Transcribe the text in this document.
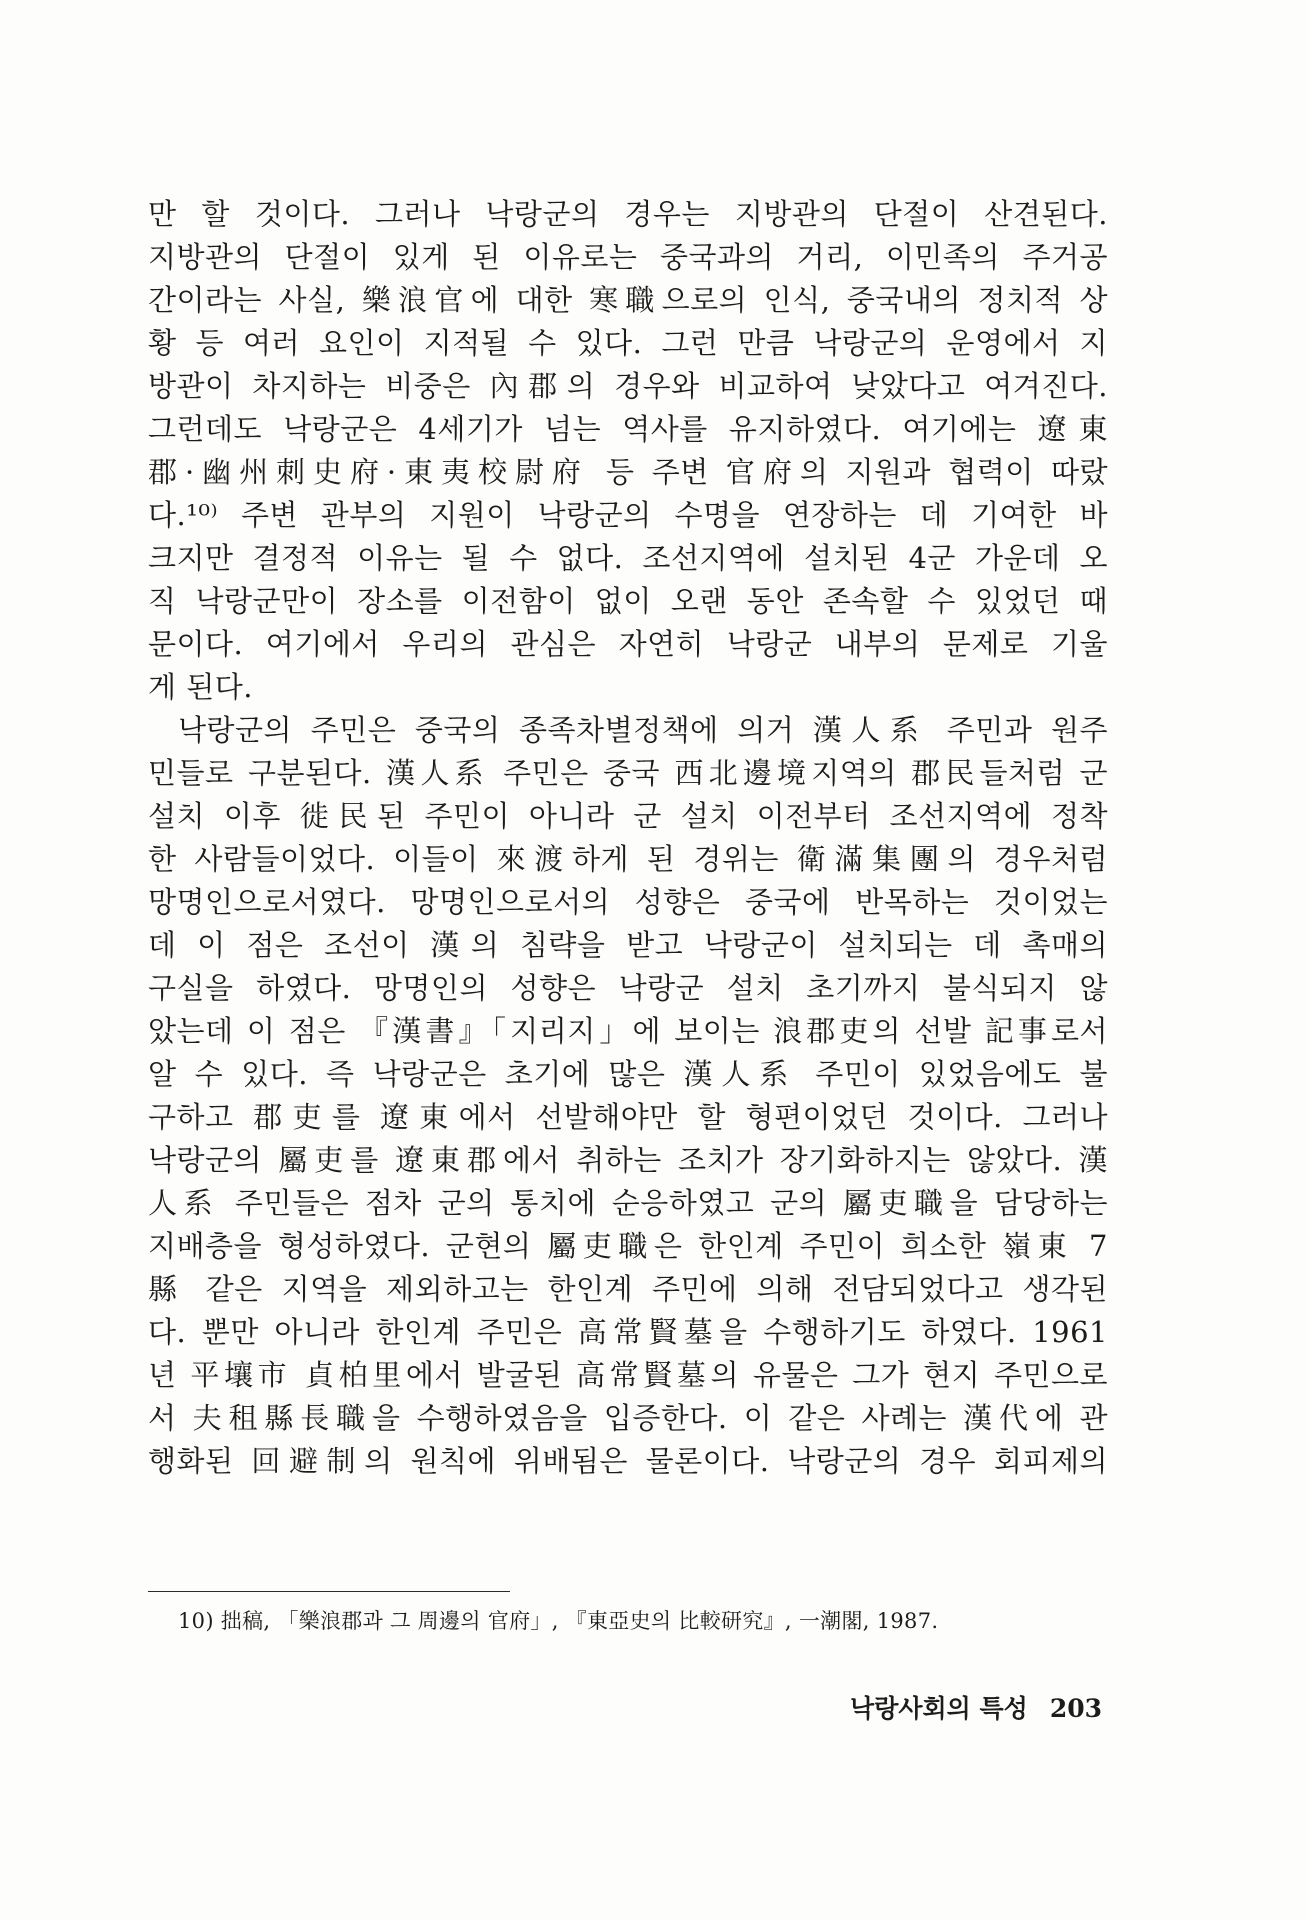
만 할 것이다. 그러나 낙랑군의 경우는 지방관의 단절이 산견된다.
지방관의 단절이 있게 된 이유로는 중국과의 거리, 이민족의 주거공
간이라는 사실, 樂浪官에 대한 寒職으로의 인식, 중국내의 정치적 상
황 등 여러 요인이 지적될 수 있다. 그런 만큼 낙랑군의 운영에서 지
방관이 차지하는 비중은 內郡의 경우와 비교하여 낮았다고 여겨진다.
그런데도 낙랑군은 4세기가 넘는 역사를 유지하였다. 여기에는 遼東
郡·幽州刺史府·東夷校尉府 등 주변 官府의 지원과 협력이 따랐
다.¹⁰⁾ 주변 관부의 지원이 낙랑군의 수명을 연장하는 데 기여한 바
크지만 결정적 이유는 될 수 없다. 조선지역에 설치된 4군 가운데 오
직 낙랑군만이 장소를 이전함이 없이 오랜 동안 존속할 수 있었던 때
문이다. 여기에서 우리의 관심은 자연히 낙랑군 내부의 문제로 기울
게 된다.
낙랑군의 주민은 중국의 종족차별정책에 의거 漢人系 주민과 원주
민들로 구분된다. 漢人系 주민은 중국 西北邊境지역의 郡民들처럼 군
설치 이후 徙民된 주민이 아니라 군 설치 이전부터 조선지역에 정착
한 사람들이었다. 이들이 來渡하게 된 경위는 衛滿集團의 경우처럼
망명인으로서였다. 망명인으로서의 성향은 중국에 반목하는 것이었는
데 이 점은 조선이 漢의 침략을 받고 낙랑군이 설치되는 데 촉매의
구실을 하였다. 망명인의 성향은 낙랑군 설치 초기까지 불식되지 않
았는데 이 점은 『漢書』「지리지」에 보이는 浪郡吏의 선발 記事로서
알 수 있다. 즉 낙랑군은 초기에 많은 漢人系 주민이 있었음에도 불
구하고 郡吏를 遼東에서 선발해야만 할 형편이었던 것이다. 그러나
낙랑군의 屬吏를 遼東郡에서 취하는 조치가 장기화하지는 않았다. 漢
人系 주민들은 점차 군의 통치에 순응하였고 군의 屬吏職을 담당하는
지배층을 형성하였다. 군현의 屬吏職은 한인계 주민이 희소한 嶺東 7
縣 같은 지역을 제외하고는 한인계 주민에 의해 전담되었다고 생각된
다. 뿐만 아니라 한인계 주민은 高常賢墓을 수행하기도 하였다. 1961
년 平壤市 貞柏里에서 발굴된 高常賢墓의 유물은 그가 현지 주민으로
서 夫租縣長職을 수행하였음을 입증한다. 이 같은 사례는 漢代에 관
행화된 回避制의 원칙에 위배됨은 물론이다. 낙랑군의 경우 회피제의
10) 拙稿, 「樂浪郡과 그 周邊의 官府」, 『東亞史의 比較研究』, 一潮閣, 1987.
낙랑사회의 특성 203
